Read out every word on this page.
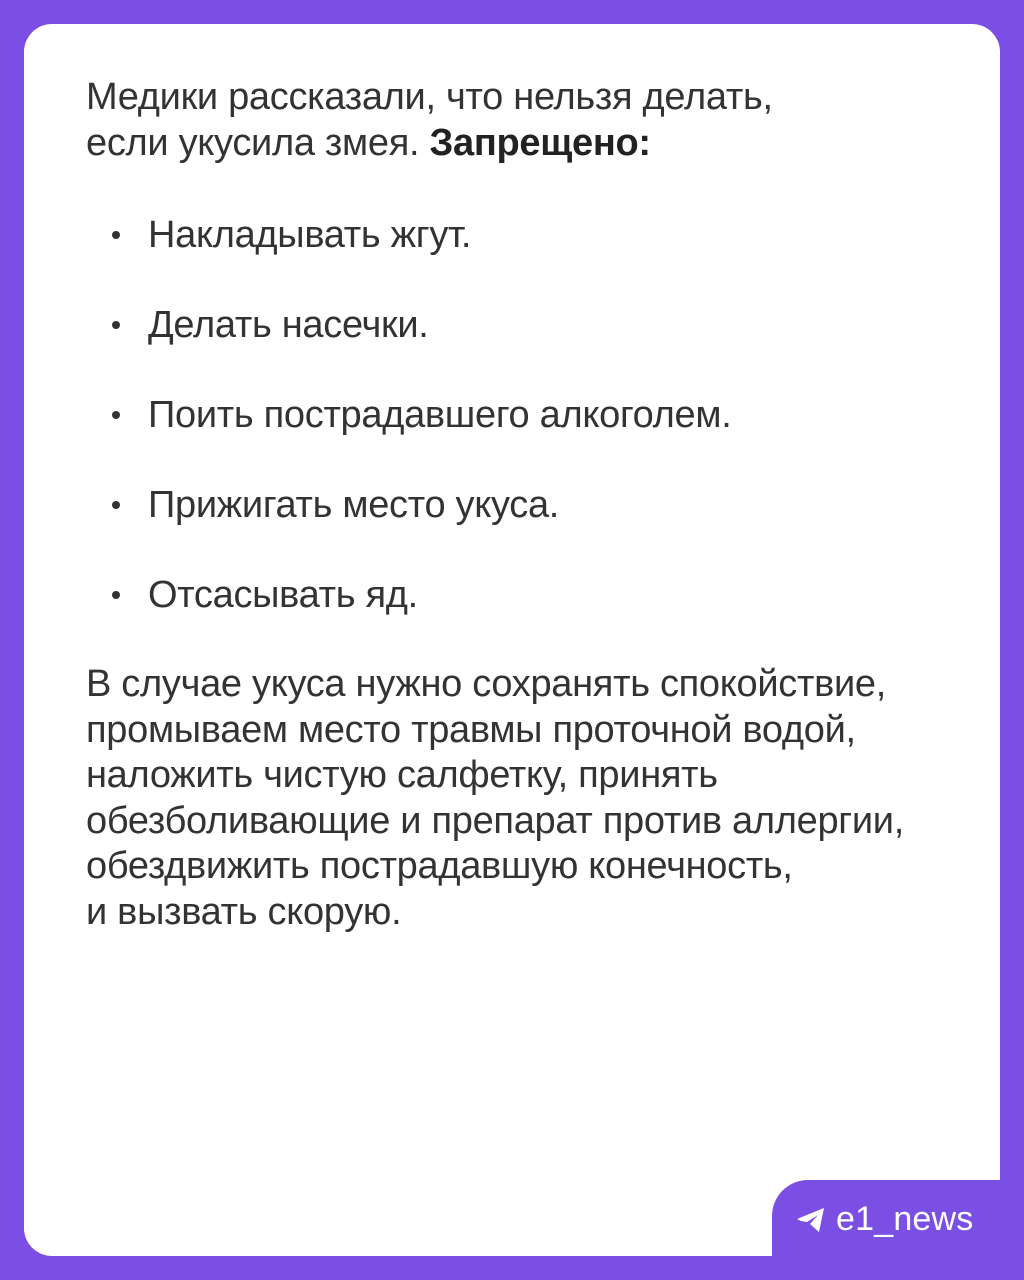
Медики рассказали, что нельзя делать,
если укусила змея. Запрещено:

Накладывать жгут.
Делать насечки.
Поить пострадавшего алкоголем.
Прижигать место укуса.
Отсасывать яд.

В случае укуса нужно сохранять спокойствие,
промываем место травмы проточной водой,
наложить чистую салфетку, принять
обезболивающие и препарат против аллергии,
обездвижить пострадавшую конечность,
и вызвать скорую.

e1_news
